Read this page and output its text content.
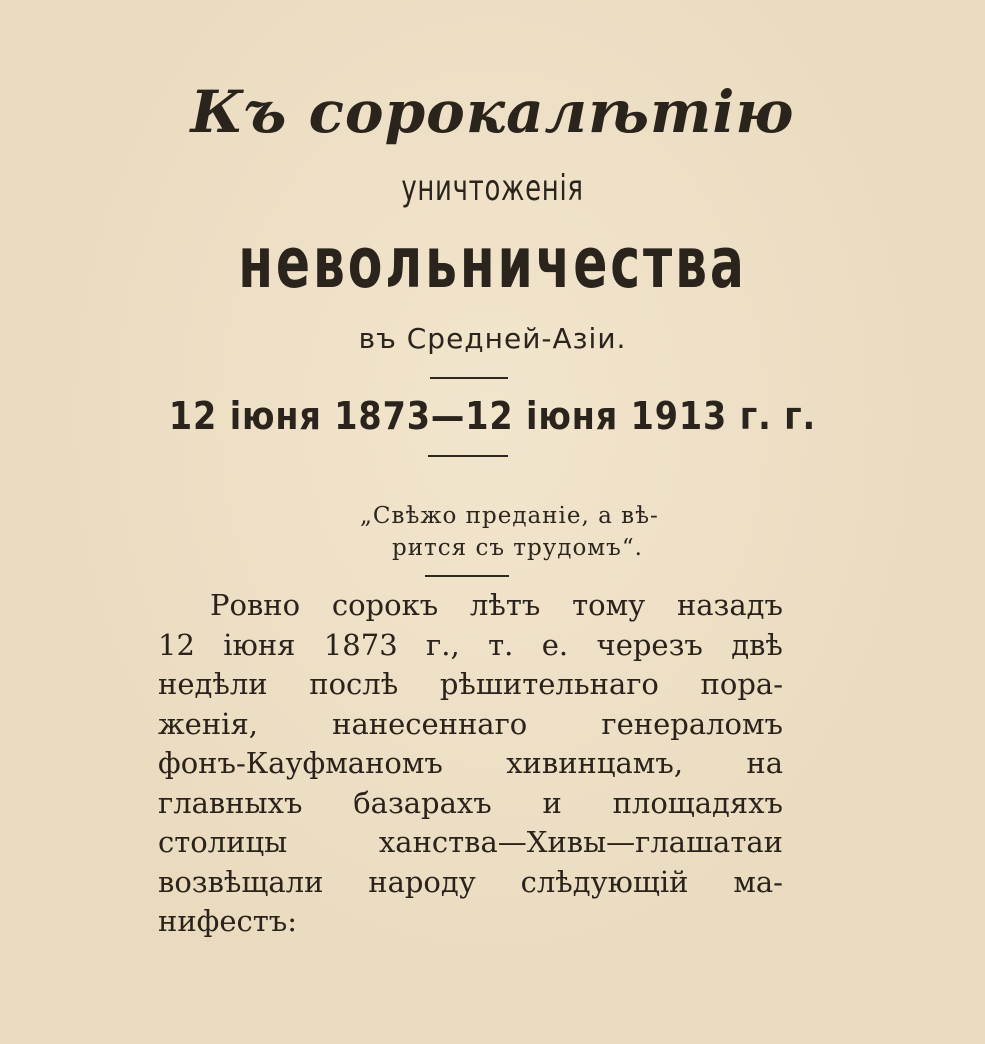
Къ сорокалѣтію
уничтоженія
невольничества
въ Средней-Азіи.
12 іюня 1873—12 іюня 1913 г. г.
„Свѣжо преданіе, а вѣ-
рится съ трудомъ“.
Ровно сорокъ лѣтъ тому назадъ
12 іюня 1873 г., т. е. черезъ двѣ
недѣли послѣ рѣшительнаго пора-
женія,	нанесеннаго	генераломъ
фонъ-Кауфманомъ хивинцамъ, на
главныхъ базарахъ и площадяхъ
столицы	ханства—Хивы—глашатаи
возвѣщали народу слѣдующій ма-
нифестъ:
